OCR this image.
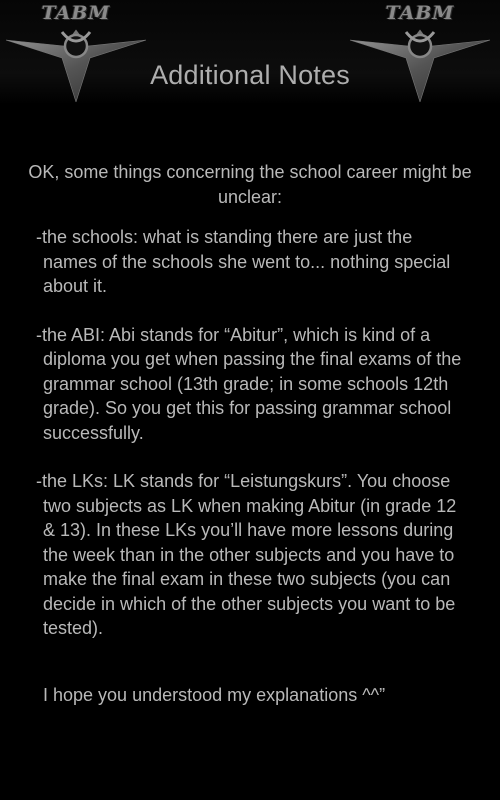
TABM	TABM
Additional Notes

OK, some things concerning the school career might be unclear:

-the schools: what is standing there are just the names of the schools she went to... nothing special about it.

-the ABI: Abi stands for “Abitur”, which is kind of a diploma you get when passing the final exams of the grammar school (13th grade; in some schools 12th grade). So you get this for passing grammar school successfully.

-the LKs: LK stands for “Leistungskurs”. You choose two subjects as LK when making Abitur (in grade 12 & 13). In these LKs you’ll have more lessons during the week than in the other subjects and you have to make the final exam in these two subjects (you can decide in which of the other subjects you want to be tested).

I hope you understood my explanations ^^”
